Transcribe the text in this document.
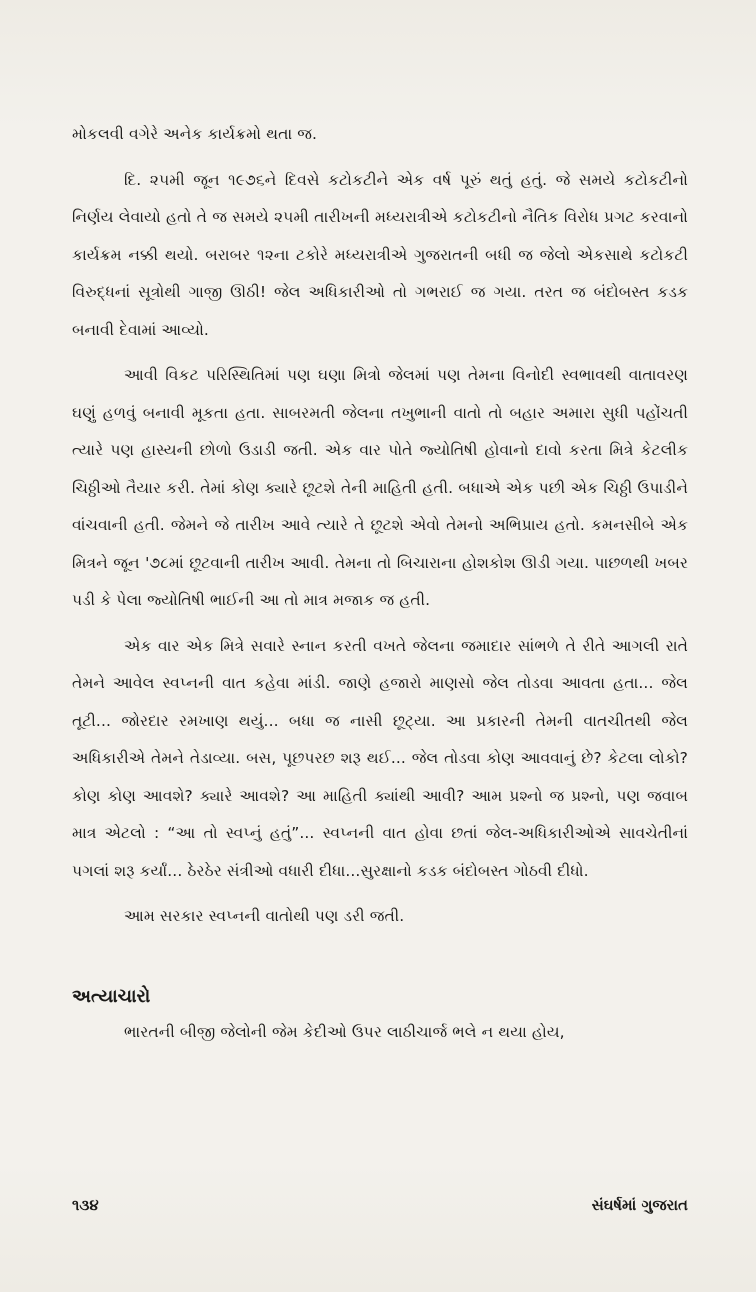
મોકલવી વગેરે અનેક કાર્યક્રમો થતા જ.

દિ. ૨૫મી જૂન ૧૯૭૬ને દિવસે કટોકટીને એક વર્ષ પૂરું થતું હતું. જે સમયે કટોકટીનો નિર્ણય લેવાયો હતો તે જ સમયે ૨૫મી તારીખની મધ્યરાત્રીએ કટોકટીનો નૈતિક વિરોધ પ્રગટ કરવાનો કાર્યક્રમ નક્કી થયો. બરાબર ૧૨ના ટકોરે મધ્યરાત્રીએ ગુજરાતની બધી જ જેલો એકસાથે કટોકટી વિરુદ્ધનાં સૂત્રોથી ગાજી ઊઠી! જેલ અધિકારીઓ તો ગભરાઈ જ ગયા. તરત જ બંદોબસ્ત કડક બનાવી દેવામાં આવ્યો.

આવી વિકટ પરિસ્થિતિમાં પણ ઘણા મિત્રો જેલમાં પણ તેમના વિનોદી સ્વભાવથી વાતાવરણ ઘણું હળવું બનાવી મૂકતા હતા. સાબરમતી જેલના તખુભાની વાતો તો બહાર અમારા સુધી પહોંચતી ત્યારે પણ હાસ્યની છોળો ઉડાડી જતી. એક વાર પોતે જ્યોતિષી હોવાનો દાવો કરતા મિત્રે કેટલીક ચિઠ્ઠીઓ તૈયાર કરી. તેમાં કોણ ક્યારે છૂટશે તેની માહિતી હતી. બધાએ એક પછી એક ચિઠ્ઠી ઉપાડીને વાંચવાની હતી. જેમને જે તારીખ આવે ત્યારે તે છૂટશે એવો તેમનો અભિપ્રાય હતો. કમનસીબે એક મિત્રને જૂન '૭૮માં છૂટવાની તારીખ આવી. તેમના તો બિચારાના હોશકોશ ઊડી ગયા. પાછળથી ખબર પડી કે પેલા જ્યોતિષી ભાઈની આ તો માત્ર મજાક જ હતી.

એક વાર એક મિત્રે સવારે સ્નાન કરતી વખતે જેલના જમાદાર સાંભળે તે રીતે આગલી રાતે તેમને આવેલ સ્વપ્નની વાત કહેવા માંડી. જાણે હજારો માણસો જેલ તોડવા આવતા હતા... જેલ તૂટી... જોરદાર રમખાણ થયું... બધા જ નાસી છૂટ્યા. આ પ્રકારની તેમની વાતચીતથી જેલ અધિકારીએ તેમને તેડાવ્યા. બસ, પૂછપરછ શરૂ થઈ... જેલ તોડવા કોણ આવવાનું છે? કેટલા લોકો? કોણ કોણ આવશે? ક્યારે આવશે? આ માહિતી ક્યાંથી આવી? આમ પ્રશ્નો જ પ્રશ્નો, પણ જવાબ માત્ર એટલો : “આ તો સ્વપ્નું હતું”... સ્વપ્નની વાત હોવા છતાં જેલ-અધિકારીઓએ સાવચેતીનાં પગલાં શરૂ કર્યાં... ઠેરઠેર સંત્રીઓ વધારી દીધા...સુરક્ષાનો કડક બંદોબસ્ત ગોઠવી દીધો.

આમ સરકાર સ્વપ્નની વાતોથી પણ ડરી જતી.

અત્યાચારો

ભારતની બીજી જેલોની જેમ કેદીઓ ઉપર લાઠીચાર્જ ભલે ન થયા હોય,

૧૩૪	સંઘર્ષમાં ગુજરાત
